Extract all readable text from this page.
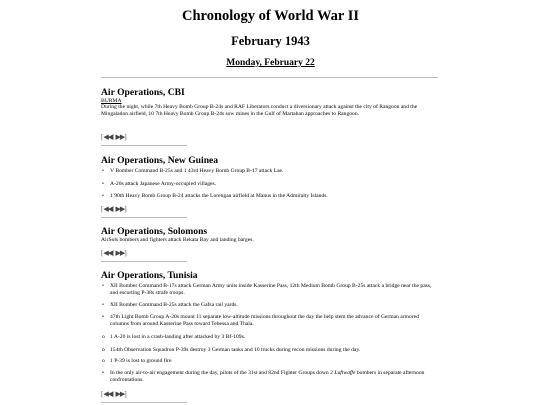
Chronology of World War II
February 1943
Monday, February 22
Air Operations, CBI
BURMA
During the night, while 7th Heavy Bomb Group B-24s and RAF Liberators conduct a diversionary attack against the city of Rangoon and the Mingaladon airfield, 10 7th Heavy Bomb Group B-24s sow mines in the Gulf of Martaban approaches to Rangoon.
[◀◀|▶▶]
Air Operations, New Guinea
• V Bomber Command B-25s and 1 43rd Heavy Bomb Group B-17 attack Lae.
• A-20s attack Japanese Army-occupied villages.
• 1 90th Heavy Bomb Group B-24 attacks the Lorengau airfield at Manus in the Admiralty Islands.
[◀◀|▶▶]
Air Operations, Solomons
AirSols bombers and fighters attack Rekata Bay and landing barges.
[◀◀|▶▶]
Air Operations, Tunisia
• XII Bomber Command B-17s attack German Army units inside Kasserine Pass, 12th Medium Bomb Group B-25s attack a bridge near the pass, and escorting P-38s strafe troops.
• XII Bomber Command B-25s attack the Gafsa rail yards.
• 47th Light Bomb Group A-20s mount 11 separate low-altitude missions throughout the day the help stem the advance of German armored columns from around Kasserine Pass toward Tebessa and Thala.
o 1 A-20 is lost in a crash-landing after attacked by 3 Bf-109s.
o 154th Observation Squadron P-39s destroy 3 German tanks and 10 trucks during recon missions during the day.
o 1 P-39 is lost to ground fire
• In the only air-to-air engagement during the day, pilots of the 31st and 82nd Fighter Groups down 2 Luftwaffe bombers in separate afternoon confrontations.
[◀◀|▶▶]
